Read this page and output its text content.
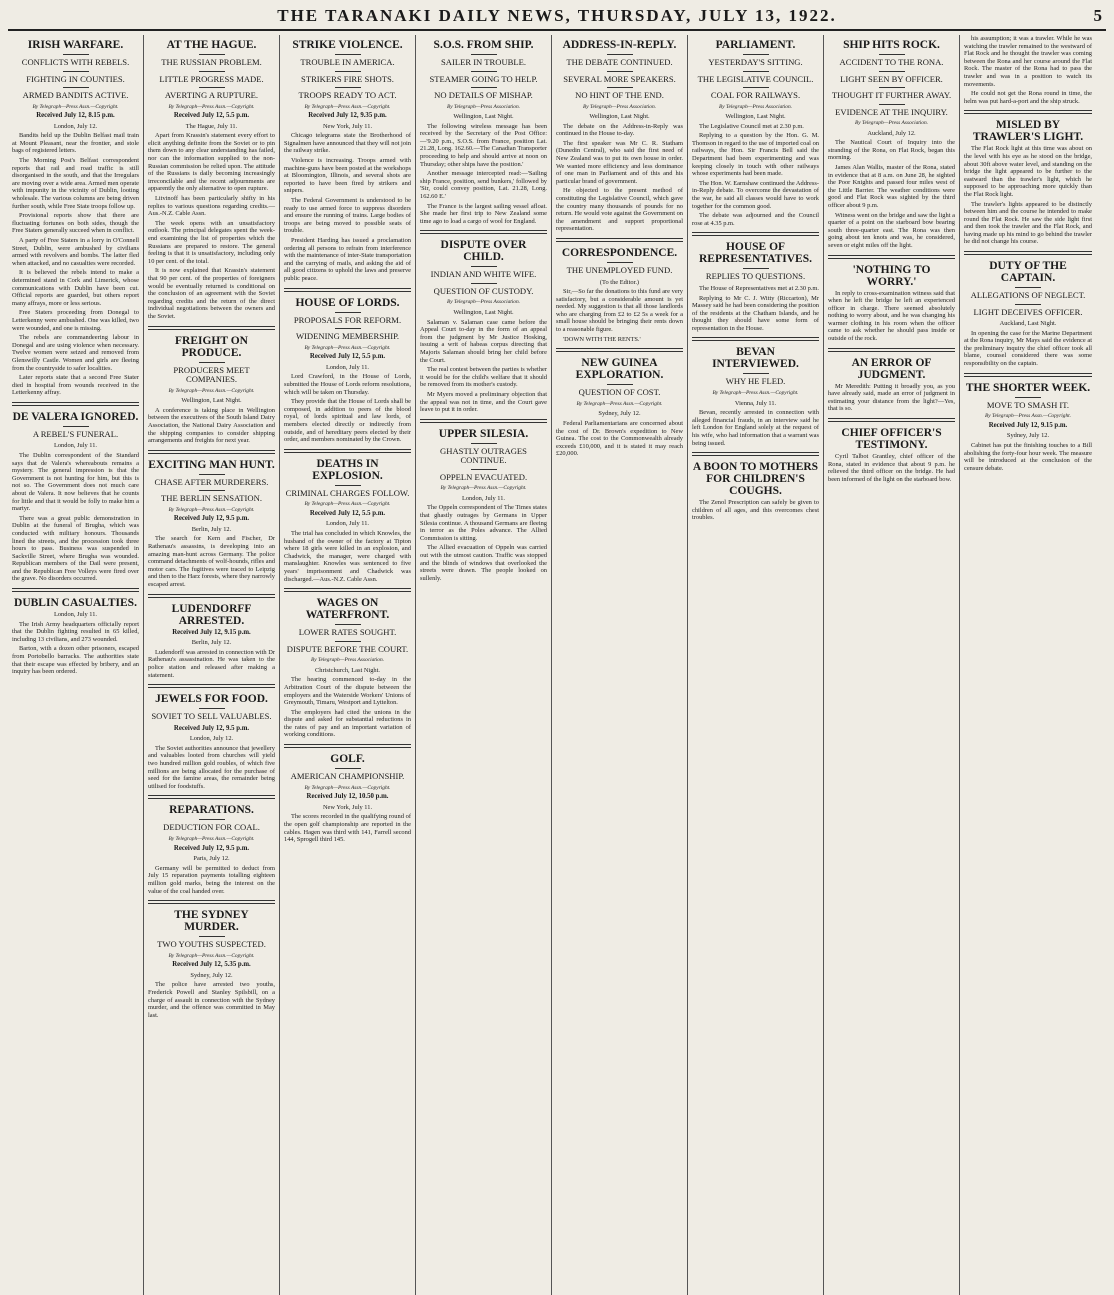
THE TARANAKI DAILY NEWS, THURSDAY, JULY 13, 1922.	5
IRISH WARFARE.
CONFLICTS WITH REBELS.
FIGHTING IN COUNTIES.
ARMED BANDITS ACTIVE.
By Telegraph—Press Assn.—Copyright.
Received July 12, 8.15 p.m.
London, July 12.

Bandits held up the Dublin Belfast mail train at Mount Pleasant, near the frontier, and stole bags of registered letters.

The Morning Post's Belfast correspondent reports that rail and road traffic is still disorganised in the south, and that the Irregulars are moving over a wide area. Armed men operate with impunity in the vicinity of Dublin, looting wholesale. The various columns are being driven further south, while Free State troops follow up.

Provisional reports show that there are fluctuating fortunes on both sides, though the Free Staters generally succeed when in conflict.

A party of Free Staters in a lorry in O'Connell Street, Dublin, were ambushed by civilians armed with revolvers and bombs. The latter fled when attacked, and no casualties were recorded.

It is believed the rebels intend to make a determined stand in Cork and Limerick, whose communications with Dublin have been cut. Official reports are guarded, but others report many affrays, more or less serious.

Free Staters proceeding from Donegal to Letterkenny were ambushed. One was killed, two were wounded, and one is missing.

The rebels are commandeering labour in Donegal and are using violence when necessary. Twelve women were seized and removed from Glenswilly Castle. Women and girls are fleeing from the countryside to safer localities.

Later reports state that a second Free Stater died in hospital from wounds received in the Letterkenny affray.

DE VALERA IGNORED.
A REBEL'S FUNERAL.
London, July 11.

The Dublin correspondent of the Standard says that de Valera's whereabouts remains a mystery. The general impression is that the Government is not hunting for him, but this is not so. The Government does not much care about de Valera. It now believes that he counts for little and that it would be folly to make him a martyr.

There was a great public demonstration in Dublin at the funeral of Brugha, which was conducted with military honours. Thousands lined the streets, and the procession took three hours to pass. Business was suspended in Sackville Street, where Brugha was wounded. Republican members of the Dail were present, and the Republican Free Volleys were fired over the grave. No disorders occurred.

DUBLIN CASUALTIES.
London, July 11.

The Irish Army headquarters officially report that the Dublin fighting resulted in 65 killed, including 13 civilians, and 273 wounded.

Barton, with a dozen other prisoners, escaped from Portobello barracks. The authorities state that their escape was effected by bribery, and an inquiry has been ordered.

AT THE HAGUE.
THE RUSSIAN PROBLEM.
LITTLE PROGRESS MADE.
AVERTING A RUPTURE.
By Telegraph—Press Assn.—Copyright.
Received July 12, 5.5 p.m.
The Hague, July 11.

Apart from Krassin's statement every effort to elicit anything definite from the Soviet or to pin them down to any clear understanding has failed, nor can the information supplied to the non-Russian commission be relied upon. The attitude of the Russians is daily becoming increasingly irreconcilable and the recent adjournments are apparently the only alternative to open rupture.

Litvinoff has been particularly shifty in his replies to various questions regarding credits.—Aus.-N.Z. Cable Assn.

The week opens with an unsatisfactory outlook. The principal delegates spent the week-end examining the list of properties which the Russians are prepared to restore. The general feeling is that it is unsatisfactory, including only 10 per cent. of the total.

It is now explained that Krassin's statement that 90 per cent. of the properties of foreigners would be eventually returned is conditional on the conclusion of an agreement with the Soviet regarding credits and the return of the direct individual negotiations between the owners and the Soviet.

FREIGHT ON PRODUCE.
PRODUCERS MEET COMPANIES.
By Telegraph—Press Assn.—Copyright.
Wellington, Last Night.

A conference is taking place in Wellington between the executives of the South Island Dairy Association, the National Dairy Association and the shipping companies to consider shipping arrangements and freights for next year.

EXCITING MAN HUNT.
CHASE AFTER MURDERERS.
THE BERLIN SENSATION.
By Telegraph—Press Assn.—Copyright.
Received July 12, 9.5 p.m.
Berlin, July 12.

The search for Kern and Fischer, Dr Rathenau's assassins, is developing into an amazing man-hunt across Germany. The police command detachments of wolf-hounds, rifles and motor cars. The fugitives were traced to Leipzig and then to the Harz forests, where they narrowly escaped arrest.

LUDENDORFF ARRESTED.
Received July 12, 9.15 p.m.
Berlin, July 12.

Ludendorff was arrested in connection with Dr Rathenau's assassination. He was taken to the police station and released after making a statement.

JEWELS FOR FOOD.
SOVIET TO SELL VALUABLES.
Received July 12, 9.5 p.m.
London, July 12.

The Soviet authorities announce that jewellery and valuables looted from churches will yield two hundred million gold roubles, of which five millions are being allocated for the purchase of seed for the famine areas, the remainder being utilised for foodstuffs.

REPARATIONS.
DEDUCTION FOR COAL.
By Telegraph—Press Assn.—Copyright.
Received July 12, 9.5 p.m.
Paris, July 12.

Germany will be permitted to deduct from July 15 reparation payments totalling eighteen million gold marks, being the interest on the value of the coal handed over.

THE SYDNEY MURDER.
TWO YOUTHS SUSPECTED.
By Telegraph—Press Assn.—Copyright.
Received July 12, 5.35 p.m.
Sydney, July 12.

The police have arrested two youths, Frederick Powell and Stanley Spilsbill, on a charge of assault in connection with the Sydney murder, and the offence was committed in May last.

STRIKE VIOLENCE.
TROUBLE IN AMERICA.
STRIKERS FIRE SHOTS.
TROOPS READY TO ACT.
By Telegraph—Press Assn.—Copyright.
Received July 12, 9.35 p.m.
New York, July 11.

Chicago telegrams state the Brotherhood of Signalmen have announced that they will not join the railway strike.

Violence is increasing. Troops armed with machine-guns have been posted at the workshops at Bloomington, Illinois, and several shots are reported to have been fired by strikers and snipers.

The Federal Government is understood to be ready to use armed force to suppress disorders and ensure the running of trains. Large bodies of troops are being moved to possible seats of trouble.

President Harding has issued a proclamation ordering all persons to refrain from interference with the maintenance of inter-State transportation and the carrying of mails, and asking the aid of all good citizens to uphold the laws and preserve public peace.

HOUSE OF LORDS.
PROPOSALS FOR REFORM.
WIDENING MEMBERSHIP.
By Telegraph—Press Assn.—Copyright.
Received July 12, 5.5 p.m.
London, July 11.

Lord Crawford, in the House of Lords, submitted the House of Lords reform resolutions, which will be taken on Thursday.

They provide that the House of Lords shall be composed, in addition to peers of the blood royal, of lords spiritual and law lords, of members elected directly or indirectly from outside, and of hereditary peers elected by their order, and members nominated by the Crown.

DEATHS IN EXPLOSION.
CRIMINAL CHARGES FOLLOW.
By Telegraph—Press Assn.—Copyright.
Received July 12, 5.5 p.m.
London, July 11.

The trial has concluded in which Knowles, the husband of the owner of the factory at Tipton where 18 girls were killed in an explosion, and Chadwick, the manager, were charged with manslaughter. Knowles was sentenced to five years' imprisonment and Chadwick was discharged.—Aus.-N.Z. Cable Assn.

WAGES ON WATERFRONT.
LOWER RATES SOUGHT.
DISPUTE BEFORE THE COURT.
By Telegraph—Press Association.
Christchurch, Last Night.

The hearing commenced to-day in the Arbitration Court of the dispute between the employers and the Waterside Workers' Unions of Greymouth, Timaru, Westport and Lyttelton.

The employers had cited the unions in the dispute and asked for substantial reductions in the rates of pay and an important variation of working conditions.

GOLF.
AMERICAN CHAMPIONSHIP.
By Telegraph—Press Assn.—Copyright.
Received July 12, 10.50 p.m.
New York, July 11.

The scores recorded in the qualifying round of the open golf championship are reported in the cables. Hagen was third with 141, Farrell second 144, Sprogell third 145.

S.O.S. FROM SHIP.
SAILER IN TROUBLE.
STEAMER GOING TO HELP.
NO DETAILS OF MISHAP.
By Telegraph—Press Association.
Wellington, Last Night.

The following wireless message has been received by the Secretary of the Post Office:—'9.20 p.m., S.O.S. from France, position Lat. 21.28, Long. 162.60.—The Canadian Transporter proceeding to help and should arrive at noon on Thursday; other ships have the position.'

Another message intercepted read:—'Sailing ship France, position, send bunkers,' followed by 'Sir, could convey position, Lat. 21.28, Long. 162.60 E.'

The France is the largest sailing vessel afloat. She made her first trip to New Zealand some time ago to load a cargo of wool for England.

DISPUTE OVER CHILD.
INDIAN AND WHITE WIFE.
QUESTION OF CUSTODY.
By Telegraph—Press Association.
Wellington, Last Night.

Salaman v. Salaman case came before the Appeal Court to-day in the form of an appeal from the judgment by Mr Justice Hosking, issuing a writ of habeas corpus directing that Majoris Salaman should bring her child before the Court.

The real contest between the parties is whether it would be for the child's welfare that it should be removed from its mother's custody.

Mr Myers moved a preliminary objection that the appeal was not in time, and the Court gave leave to put it in order.

UPPER SILESIA.
GHASTLY OUTRAGES CONTINUE.
OPPELN EVACUATED.
By Telegraph—Press Assn.—Copyright.
London, July 11.

The Oppeln correspondent of The Times states that ghastly outrages by Germans in Upper Silesia continue. A thousand Germans are fleeing in terror as the Poles advance. The Allied Commission is sitting.

The Allied evacuation of Oppeln was carried out with the utmost caution. Traffic was stopped and the blinds of windows that overlooked the streets were drawn. The people looked on sullenly.

ADDRESS-IN-REPLY.
THE DEBATE CONTINUED.
SEVERAL MORE SPEAKERS.
NO HINT OF THE END.
By Telegraph—Press Association.
Wellington, Last Night.

The debate on the Address-in-Reply was continued in the House to-day.

The first speaker was Mr C. R. Statham (Dunedin Central), who said the first need of New Zealand was to put its own house in order. We wanted more efficiency and less dominance of one man in Parliament and of this and his particular brand of government.

He objected to the present method of constituting the Legislative Council, which gave the country many thousands of pounds for no return. He would vote against the Government on the amendment and support proportional representation.

CORRESPONDENCE.
THE UNEMPLOYED FUND.
(To the Editor.)

Sir,—So far the donations to this fund are very satisfactory, but a considerable amount is yet needed. My suggestion is that all those landlords who are charging from £2 to £2 5s a week for a small house should be bringing their rents down to a reasonable figure.

'DOWN WITH THE RENTS.'

NEW GUINEA EXPLORATION.
QUESTION OF COST.
By Telegraph—Press Assn.—Copyright.
Sydney, July 12.

Federal Parliamentarians are concerned about the cost of Dr. Brown's expedition to New Guinea. The cost to the Commonwealth already exceeds £10,000, and it is stated it may reach £20,000.

PARLIAMENT.
YESTERDAY'S SITTING.
THE LEGISLATIVE COUNCIL.
COAL FOR RAILWAYS.
By Telegraph—Press Association.
Wellington, Last Night.

The Legislative Council met at 2.30 p.m.

Replying to a question by the Hon. G. M. Thomson in regard to the use of imported coal on railways, the Hon. Sir Francis Bell said the Department had been experimenting and was keeping closely in touch with other railways whose experiments had been made.

The Hon. W. Earnshaw continued the Address-in-Reply debate. To overcome the devastation of the war, he said all classes would have to work together for the common good.

The debate was adjourned and the Council rose at 4.35 p.m.

HOUSE OF REPRESENTATIVES.
REPLIES TO QUESTIONS.

The House of Representatives met at 2.30 p.m.

Replying to Mr C. J. Witty (Riccarton), Mr Massey said he had been considering the position of the residents at the Chatham Islands, and he thought they should have some form of representation in the House.

BEVAN INTERVIEWED.
WHY HE FLED.
By Telegraph—Press Assn.—Copyright.
Vienna, July 11.

Bevan, recently arrested in connection with alleged financial frauds, in an interview said he left London for England solely at the request of his wife, who had information that a warrant was being issued.

A BOON TO MOTHERS FOR CHILDREN'S COUGHS.

The Zenol Prescription can safely be given to children of all ages, and this overcomes chest troubles.

SHIP HITS ROCK.
ACCIDENT TO THE RONA.
LIGHT SEEN BY OFFICER.
THOUGHT IT FURTHER AWAY.
EVIDENCE AT THE INQUIRY.
By Telegraph—Press Association.
Auckland, July 12.

The Nautical Court of Inquiry into the stranding of the Rona, on Flat Rock, began this morning.

James Alan Wallis, master of the Rona, stated in evidence that at 8 a.m. on June 28, he sighted the Poor Knights and passed four miles west of the Little Barrier. The weather conditions were good and Flat Rock was sighted by the third officer about 9 p.m.

Witness went on the bridge and saw the light a quarter of a point on the starboard bow bearing south three-quarter east. The Rona was then going about ten knots and was, he considered, seven or eight miles off the light.

'NOTHING TO WORRY.'

In reply to cross-examination witness said that when he left the bridge he left an experienced officer in charge. There seemed absolutely nothing to worry about, and he was changing his warmer clothing in his room when the officer came to ask whether he should pass inside or outside of the rock.

AN ERROR OF JUDGMENT.

Mr Meredith: Putting it broadly you, as you have already said, made an error of judgment in estimating your distance from the light?—Yes, that is so.

CHIEF OFFICER'S TESTIMONY.

Cyril Talbot Grantley, chief officer of the Rona, stated in evidence that about 9 p.m. he relieved the third officer on the bridge. He had been informed of the light on the starboard bow.

his assumption; it was a trawler. While he was watching the trawler remained to the westward of Flat Rock and he thought the trawler was coming between the Rona and her course around the Flat Rock. The master of the Rona had to pass the trawler and was in a position to watch its movements.

He could not get the Rona round in time, the helm was put hard-a-port and the ship struck.

MISLED BY TRAWLER'S LIGHT.

The Flat Rock light at this time was about on the level with his eye as he stood on the bridge, about 30ft above water level, and standing on the bridge the light appeared to be further to the eastward than the trawler's light, which he supposed to be approaching more quickly than the Flat Rock light.

The trawler's lights appeared to be distinctly between him and the course he intended to make round the Flat Rock. He saw the side light first and then took the trawler and the Flat Rock, and having made up his mind to go behind the trawler he did not change his course.

DUTY OF THE CAPTAIN.
ALLEGATIONS OF NEGLECT.
LIGHT DECEIVES OFFICER.
Auckland, Last Night.

In opening the case for the Marine Department at the Rona inquiry, Mr Mays said the evidence at the preliminary inquiry the chief officer took all blame, counsel considered there was some responsibility on the captain.

THE SHORTER WEEK.
MOVE TO SMASH IT.
By Telegraph—Press Assn.—Copyright.
Received July 12, 9.15 p.m.
Sydney, July 12.

Cabinet has put the finishing touches to a Bill abolishing the forty-four hour week. The measure will be introduced at the conclusion of the censure debate.
